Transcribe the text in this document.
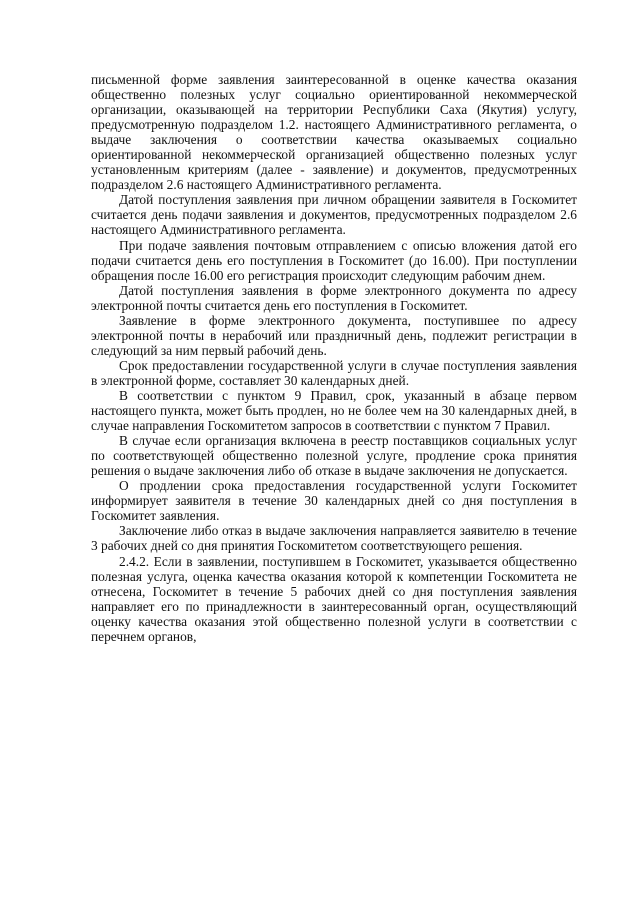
письменной форме заявления заинтересованной в оценке качества оказания общественно полезных услуг социально ориентированной некоммерческой организации, оказывающей на территории Республики Саха (Якутия) услугу, предусмотренную подразделом 1.2. настоящего Административного регламента, о выдаче заключения о соответствии качества оказываемых социально ориентированной некоммерческой организацией общественно полезных услуг установленным критериям (далее - заявление) и документов, предусмотренных подразделом 2.6 настоящего Административного регламента.

Датой поступления заявления при личном обращении заявителя в Госкомитет считается день подачи заявления и документов, предусмотренных подразделом 2.6 настоящего Административного регламента.

При подаче заявления почтовым отправлением с описью вложения датой его подачи считается день его поступления в Госкомитет (до 16.00). При поступлении обращения после 16.00 его регистрация происходит следующим рабочим днем.

Датой поступления заявления в форме электронного документа по адресу электронной почты считается день его поступления в Госкомитет.

Заявление в форме электронного документа, поступившее по адресу электронной почты в нерабочий или праздничный день, подлежит регистрации в следующий за ним первый рабочий день.

Срок предоставлении государственной услуги в случае поступления заявления в электронной форме, составляет 30 календарных дней.

В соответствии с пунктом 9 Правил, срок, указанный в абзаце первом настоящего пункта, может быть продлен, но не более чем на 30 календарных дней, в случае направления Госкомитетом запросов в соответствии с пунктом 7 Правил.

В случае если организация включена в реестр поставщиков социальных услуг по соответствующей общественно полезной услуге, продление срока принятия решения о выдаче заключения либо об отказе в выдаче заключения не допускается.

О продлении срока предоставления государственной услуги Госкомитет информирует заявителя в течение 30 календарных дней со дня поступления в Госкомитет заявления.

Заключение либо отказ в выдаче заключения направляется заявителю в течение 3 рабочих дней со дня принятия Госкомитетом соответствующего решения.

2.4.2. Если в заявлении, поступившем в Госкомитет, указывается общественно полезная услуга, оценка качества оказания которой к компетенции Госкомитета не отнесена, Госкомитет в течение 5 рабочих дней со дня поступления заявления направляет его по принадлежности в заинтересованный орган, осуществляющий оценку качества оказания этой общественно полезной услуги в соответствии с перечнем органов,
